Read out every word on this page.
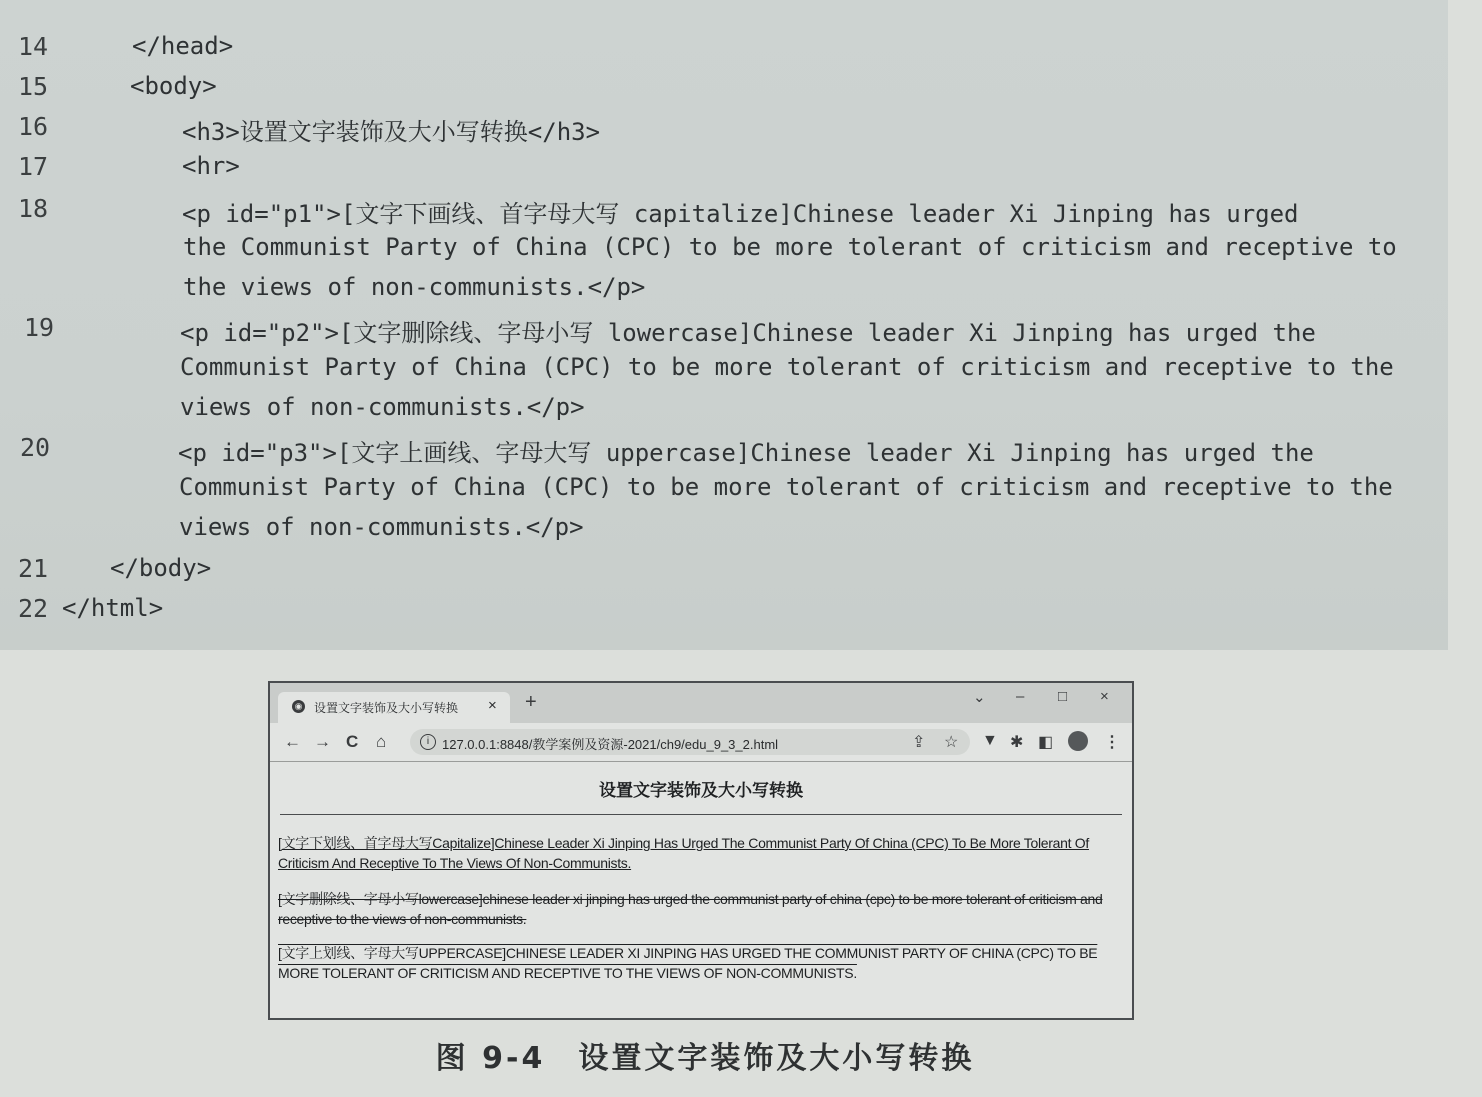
14	</head>
15	<body>
16	<h3>设置文字装饰及大小写转换</h3>
17	<hr>
18	<p id="p1">[文字下画线、首字母大写 capitalize]Chinese leader Xi Jinping has urged
the Communist Party of China (CPC) to be more tolerant of criticism and receptive to
the views of non-communists.</p>
19	<p id="p2">[文字删除线、字母小写 lowercase]Chinese leader Xi Jinping has urged the
Communist Party of China (CPC) to be more tolerant of criticism and receptive to the
views of non-communists.</p>
20	<p id="p3">[文字上画线、字母大写 uppercase]Chinese leader Xi Jinping has urged the
Communist Party of China (CPC) to be more tolerant of criticism and receptive to the
views of non-communists.</p>
21	</body>
22 </html>
◉ 设置文字装饰及大小写转换 × +	⌄ – □ ×
← → C ⌂	i 127.0.0.1:8848/教学案例及资源-2021/ch9/edu_9_3_2.html	⇪ ☆ ▼ ✱ ◧	⋮
设置文字装饰及大小写转换
[文字下划线、首字母大写Capitalize]Chinese Leader Xi Jinping Has Urged The Communist Party Of China (CPC) To Be More Tolerant Of Criticism And Receptive To The Views Of Non-Communists.
[文字删除线、字母小写lowercase]chinese leader xi jinping has urged the communist party of china (cpc) to be more tolerant of criticism and receptive to the views of non-communists.
[文字上划线、字母大写UPPERCASE]CHINESE LEADER XI JINPING HAS URGED THE COMMUNIST PARTY OF CHINA (CPC) TO BE MORE TOLERANT OF CRITICISM AND RECEPTIVE TO THE VIEWS OF NON-COMMUNISTS.
图 9-4　设置文字装饰及大小写转换
